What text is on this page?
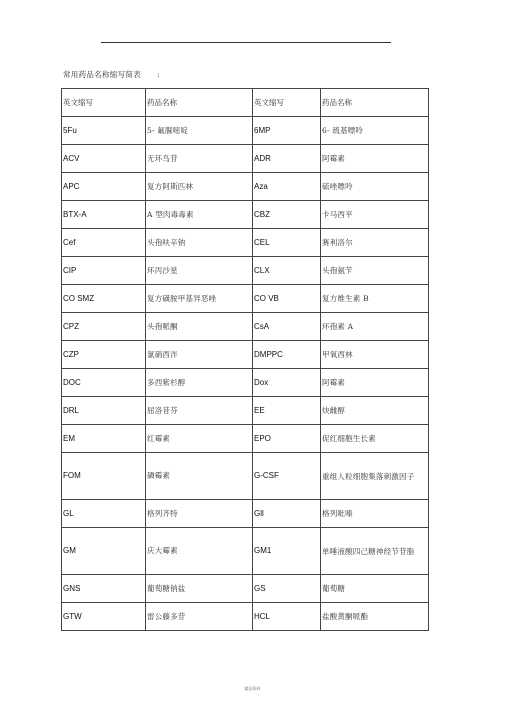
常用药品名称缩写简表      :
英文缩写	药品名称	英文缩写	药品名称
5Fu	5- 氟脲嘧啶	6MP	6- 巯基嘌呤
ACV	无环鸟苷	ADR	阿霉素
APC	复方阿斯匹林	Aza	硫唑嘌呤
BTX-A	A 型肉毒毒素	CBZ	卡马西平
Cef	头孢呋辛钠	CEL	赛利洛尔
CIP	环丙沙星	CLX	头孢氨苄
CO SMZ	复方磺胺甲基异恶唑	CO VB	复方维生素 B
CPZ	头孢哌酮	CsA	环孢素 A
CZP	氯硝西泮	DMPPC	甲氧西林
DOC	多西紫杉醇	Dox	阿霉素
DRL	屈洛昔芬	EE	炔雌醇
EM	红霉素	EPO	促红细胞生长素
FOM	磷霉素	G-CSF	重组人粒细胞集落刺激因子
GL	格列齐特	Gll	格列吡嗪
GM	庆大霉素	GM1	单唾液酸四己糖神经节苷脂
GNS	葡萄糖钠盐	GS	葡萄糖
GTW	雷公藤多苷	HCL	盐酸黄酮哌酯
精品资料
